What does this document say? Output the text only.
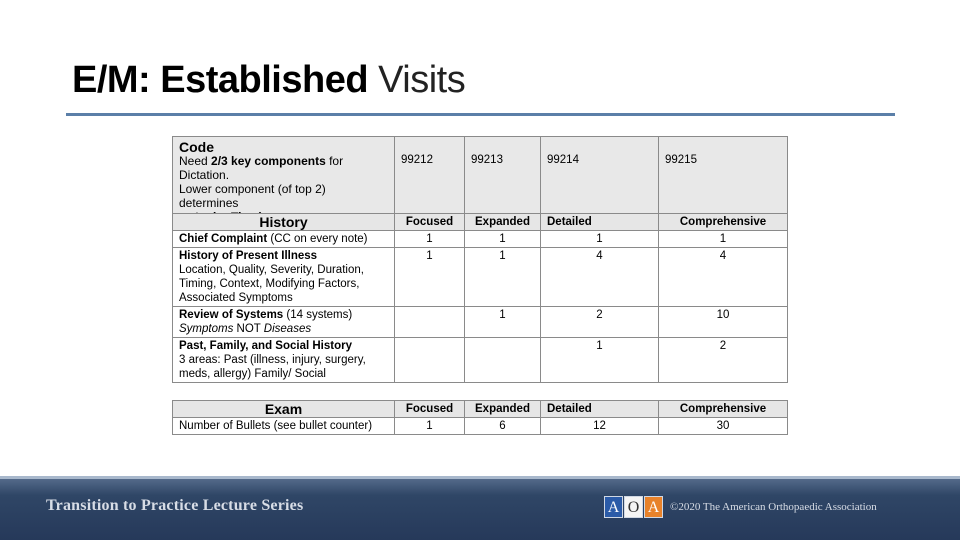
E/M: Established Visits
Code
Need 2/3 key components for Dictation.
Lower component (of top 2) determines
	99212	99213	99214	99215
History	Focused	Expanded	Detailed	Comprehensive
Chief Complaint (CC on every note)	1	1	1	1

History of Present Illness
Location, Quality, Severity, Duration,
Timing, Context, Modifying Factors,
Associated Symptoms	1	1	4	4

Review of Systems (14 systems)
Symptoms NOT Diseases		1	2	10

Past, Family, and Social History
3 areas: Past (illness, injury, surgery,
meds, allergy) Family/ Social			1	2
Exam	Focused	Expanded	Detailed	Comprehensive
Number of Bullets (see bullet counter)	1	6	12	30
Transition to Practice Lecture Series	A O A ©2020 The American Orthopaedic Association
